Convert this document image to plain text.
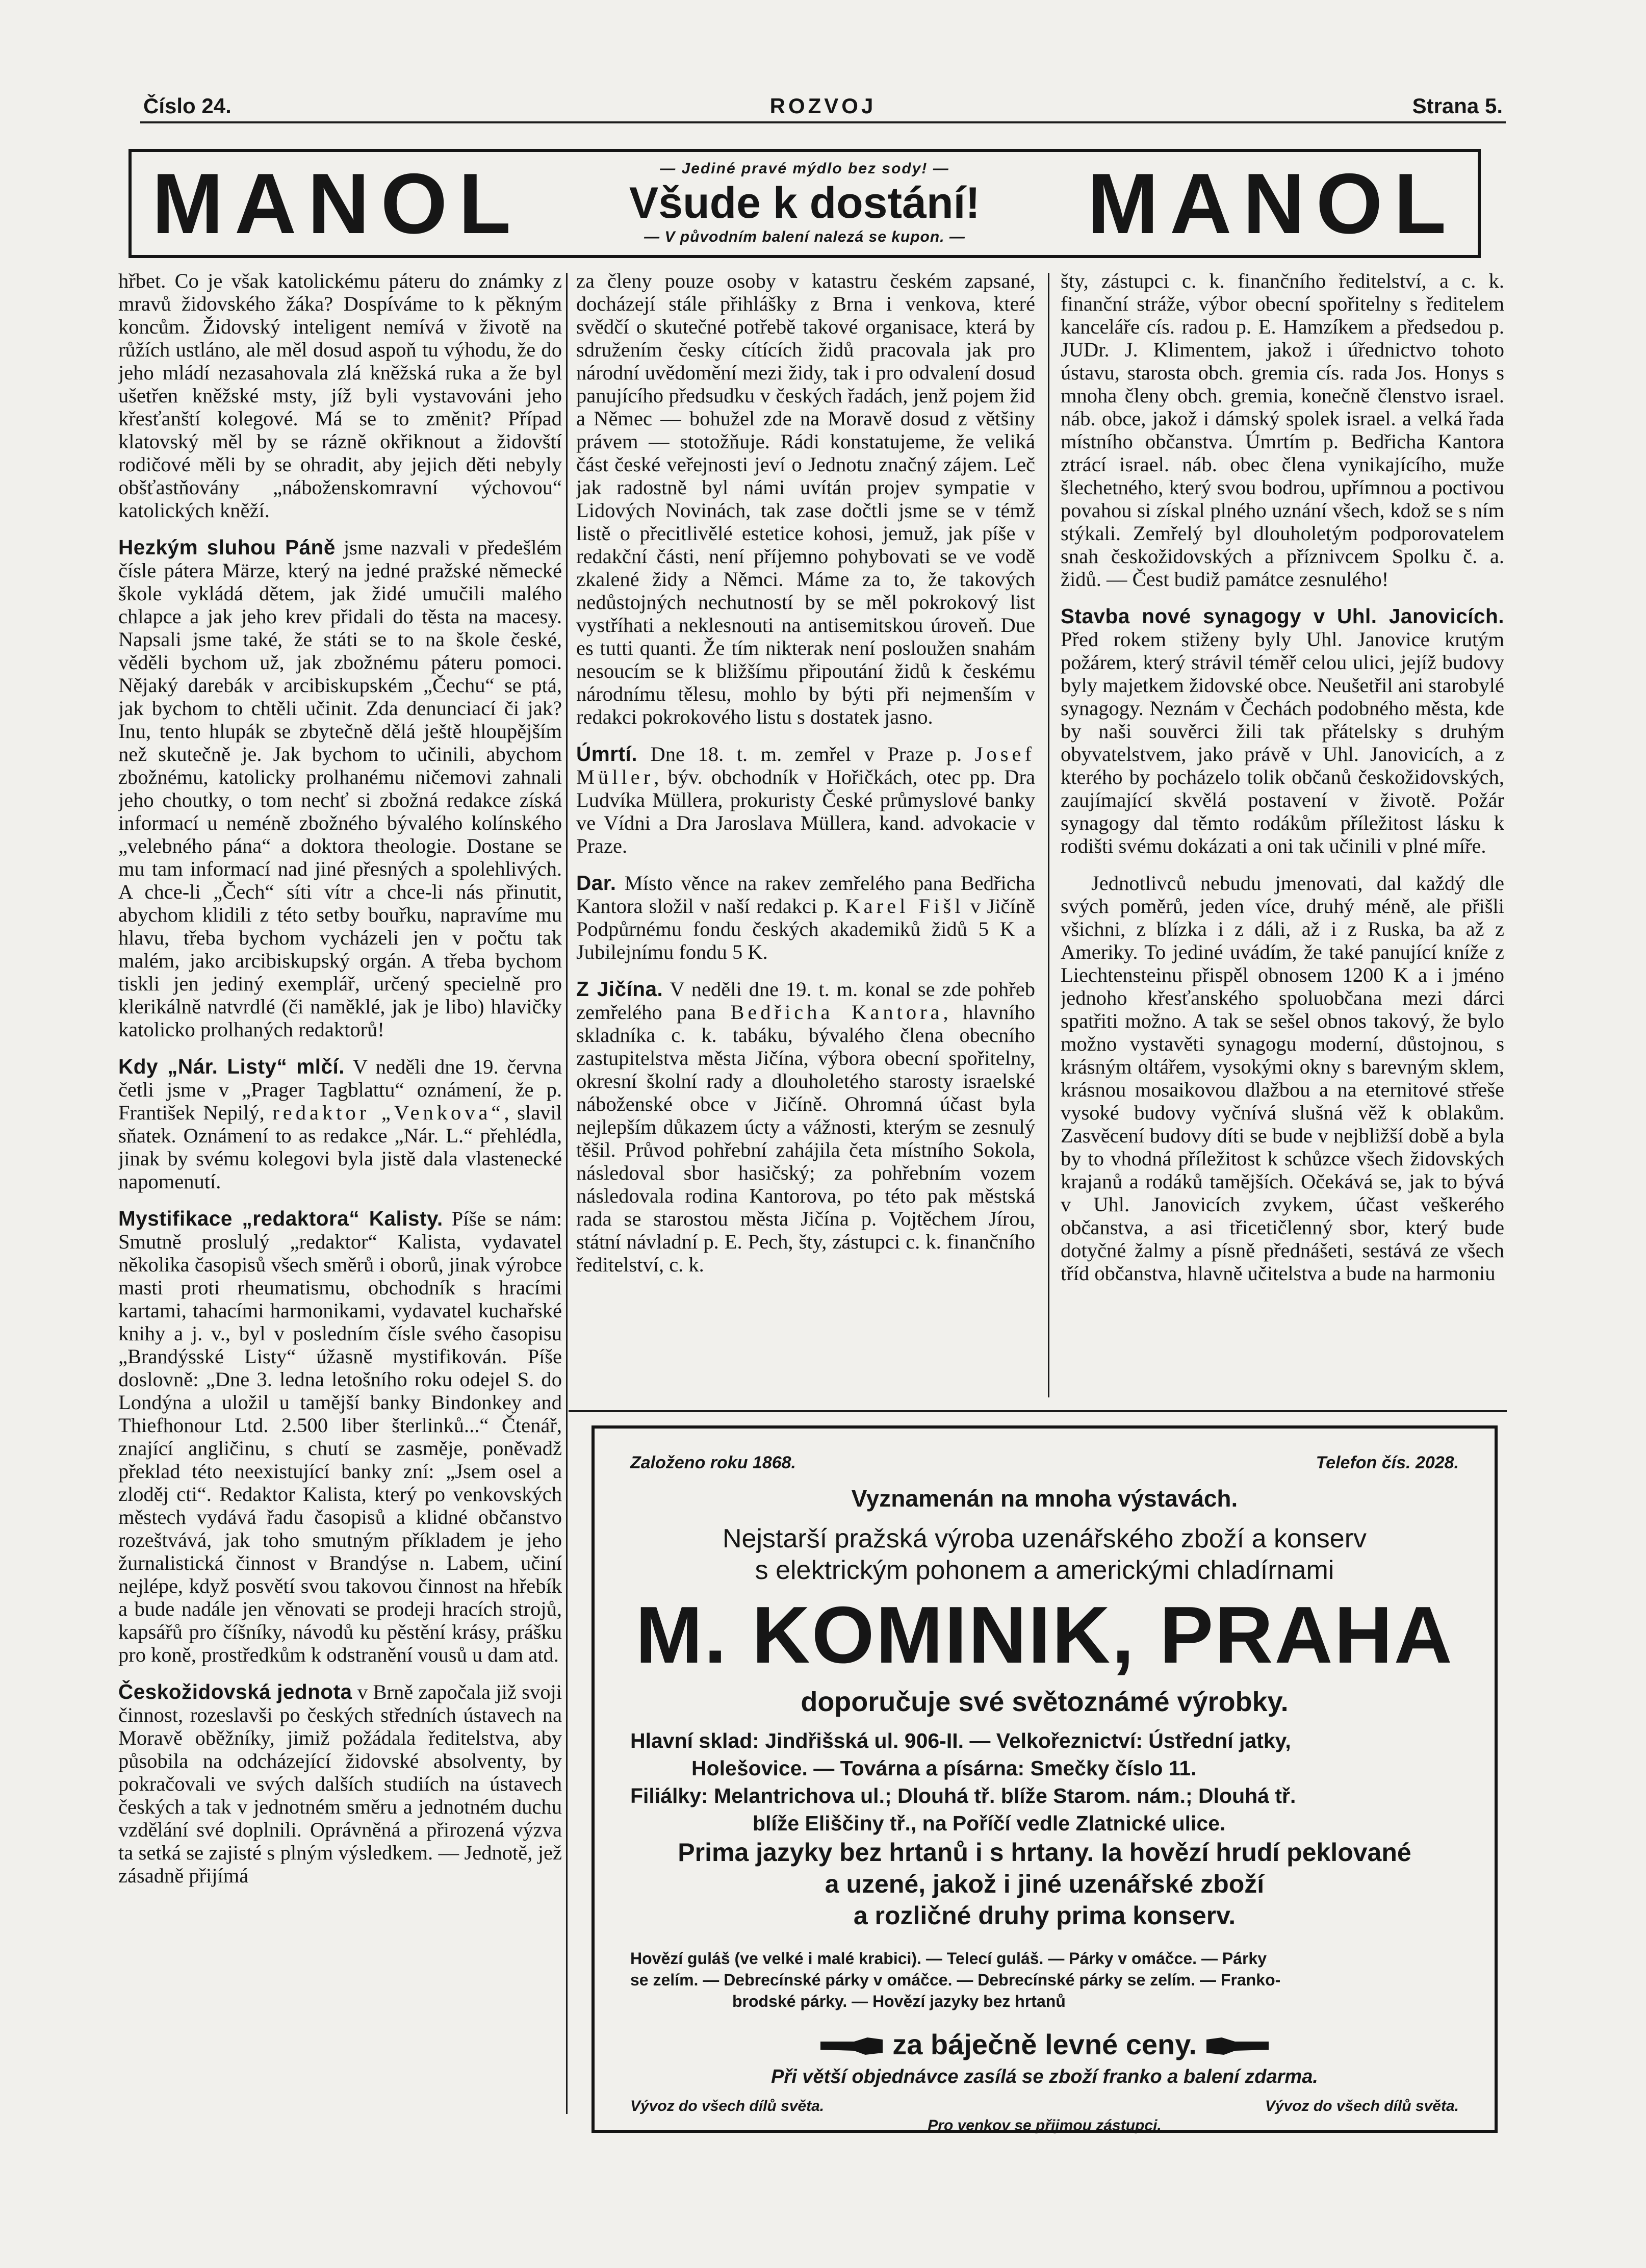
Číslo 24.	ROZVOJ	Strana 5.
MANOL	— Jediné pravé mýdlo bez sody! —
Všude k dostání!
— V původním balení nalezá se kupon. —	MANOL

hřbet. Co je však katolickému páteru do známky z mravů židovského žáka? Dospíváme to k pěkným koncům. Židovský inteligent nemívá v životě na růžích ustláno, ale měl dosud aspoň tu výhodu, že do jeho mládí nezasahovala zlá kněžská ruka a že byl ušetřen kněžské msty, jíž byli vystavováni jeho křesťanští kolegové. Má se to změnit? Případ klatovský měl by se rázně okřiknout a židovští rodičové měli by se ohradit, aby jejich děti nebyly obšťastňovány „náboženskomravní výchovou“ katolických kněží.

Hezkým sluhou Páně jsme nazvali v předešlém čísle pátera Märze, který na jedné pražské německé škole vykládá dětem, jak židé umučili malého chlapce a jak jeho krev přidali do těsta na macesy. Napsali jsme také, že státi se to na škole české, věděli bychom už, jak zbožnému páteru pomoci. Nějaký darebák v arcibiskupském „Čechu“ se ptá, jak bychom to chtěli učinit. Zda denunciací či jak? Inu, tento hlupák se zbytečně dělá ještě hloupějším než skutečně je. Jak bychom to učinili, abychom zbožnému, katolicky prolhanému ničemovi zahnali jeho choutky, o tom nechť si zbožná redakce získá informací u neméně zbožného bývalého kolínského „velebného pána“ a doktora theologie. Dostane se mu tam informací nad jiné přesných a spolehlivých. A chce-li „Čech“ síti vítr a chce-li nás přinutit, abychom klidili z této setby bouřku, napravíme mu hlavu, třeba bychom vycházeli jen v počtu tak malém, jako arcibiskupský orgán. A třeba bychom tiskli jen jediný exemplář, určený specielně pro klerikálně natvrdlé (či naměklé, jak je libo) hlavičky katolicko prolhaných redaktorů!

Kdy „Nár. Listy“ mlčí. V neděli dne 19. června četli jsme v „Prager Tagblattu“ oznámení, že p. František Nepilý, redaktor „Venkova“, slavil sňatek. Oznámení to as redakce „Nár. L.“ přehlédla, jinak by svému kolegovi byla jistě dala vlastenecké napomenutí.

Mystifikace „redaktora“ Kalisty. Píše se nám: Smutně proslulý „redaktor“ Kalista, vydavatel několika časopisů všech směrů i oborů, jinak výrobce masti proti rheumatismu, obchodník s hracími kartami, tahacími harmonikami, vydavatel kuchařské knihy a j. v., byl v posledním čísle svého časopisu „Brandýsské Listy“ úžasně mystifikován. Píše doslovně: „Dne 3. ledna letošního roku odejel S. do Londýna a uložil u tamější banky Bindonkey and Thiefhonour Ltd. 2.500 liber šterlinků...“ Čtenář, znající angličinu, s chutí se zasměje, poněvadž překlad této neexistující banky zní: „Jsem osel a zloděj cti“. Redaktor Kalista, který po venkovských městech vydává řadu časopisů a klidné občanstvo rozeštvává, jak toho smutným příkladem je jeho žurnalistická činnost v Brandýse n. Labem, učiní nejlépe, když posvětí svou takovou činnost na hřebík a bude nadále jen věnovati se prodeji hracích strojů, kapsářů pro číšníky, návodů ku pěstění krásy, prášku pro koně, prostředkům k odstranění vousů u dam atd.

Českožidovská jednota v Brně započala již svoji činnost, rozeslavši po českých středních ústavech na Moravě oběžníky, jimiž požádala ředitelstva, aby působila na odcházející židovské absolventy, by pokračovali ve svých dalších studiích na ústavech českých a tak v jednotném směru a jednotném duchu vzdělání své doplnili. Oprávněná a přirozená výzva ta setká se zajisté s plným výsledkem. — Jednotě, jež zásadně přijímá

za členy pouze osoby v katastru českém zapsané, docházejí stále přihlášky z Brna i venkova, které svědčí o skutečné potřebě takové organisace, která by sdružením česky cítících židů pracovala jak pro národní uvědomění mezi židy, tak i pro odvalení dosud panujícího předsudku v českých řadách, jenž pojem žid a Němec — bohužel zde na Moravě dosud z většiny právem — stotožňuje. Rádi konstatujeme, že veliká část české veřejnosti jeví o Jednotu značný zájem. Leč jak radostně byl námi uvítán projev sympatie v Lidových Novinách, tak zase dočtli jsme se v témž listě o přecitlivělé estetice kohosi, jemuž, jak píše v redakční části, není příjemno pohybovati se ve vodě zkalené židy a Němci. Máme za to, že takových nedůstojných nechutností by se měl pokrokový list vystříhati a neklesnouti na antisemitskou úroveň. Due es tutti quanti. Že tím nikterak není posloužen snahám nesoucím se k bližšímu připoutání židů k českému národnímu tělesu, mohlo by býti při nejmenším v redakci pokrokového listu s dostatek jasno.

Úmrtí. Dne 18. t. m. zemřel v Praze p. Josef Müller, býv. obchodník v Hořičkách, otec pp. Dra Ludvíka Müllera, prokuristy České průmyslové banky ve Vídni a Dra Jaroslava Müllera, kand. advokacie v Praze.

Dar. Místo věnce na rakev zemřelého pana Bedřicha Kantora složil v naší redakci p. Karel Fišl v Jičíně Podpůrnému fondu českých akademiků židů 5 K a Jubilejnímu fondu 5 K.

Z Jičína. V neděli dne 19. t. m. konal se zde pohřeb zemřelého pana Bedřicha Kantora, hlavního skladníka c. k. tabáku, bývalého člena obecního zastupitelstva města Jičína, výbora obecní spořitelny, okresní školní rady a dlouholetého starosty israelské náboženské obce v Jičíně. Ohromná účast byla nejlepším důkazem úcty a vážnosti, kterým se zesnulý těšil. Průvod pohřební zahájila četa místního Sokola, následoval sbor hasičský; za pohřebním vozem následovala rodina Kantorova, po této pak městská rada se starostou města Jičína p. Vojtěchem Jírou, státní návladní p. E. Pech, šty, zástupci c. k. finančního ředitelství, c. k.

šty, zástupci c. k. finančního ředitelství, a c. k. finanční stráže, výbor obecní spořitelny s ředitelem kanceláře cís. radou p. E. Hamzíkem a předsedou p. JUDr. J. Klimentem, jakož i úřednictvo tohoto ústavu, starosta obch. gremia cís. rada Jos. Honys s mnoha členy obch. gremia, konečně členstvo israel. náb. obce, jakož i dámský spolek israel. a velká řada místního občanstva. Úmrtím p. Bedřicha Kantora ztrácí israel. náb. obec člena vynikajícího, muže šlechetného, který svou bodrou, upřímnou a poctivou povahou si získal plného uznání všech, kdož se s ním stýkali. Zemřelý byl dlouholetým podporovatelem snah českožidovských a příznivcem Spolku č. a. židů. — Čest budiž památce zesnulého!

Stavba nové synagogy v Uhl. Janovicích. Před rokem stiženy byly Uhl. Janovice krutým požárem, který strávil téměř celou ulici, jejíž budovy byly majetkem židovské obce. Neušetřil ani starobylé synagogy. Neznám v Čechách podobného města, kde by naši souvěrci žili tak přátelsky s druhým obyvatelstvem, jako právě v Uhl. Janovicích, a z kterého by pocházelo tolik občanů českožidovských, zaujímající skvělá postavení v životě. Požár synagogy dal těmto rodákům příležitost lásku k rodišti svému dokázati a oni tak učinili v plné míře.

Jednotlivců nebudu jmenovati, dal každý dle svých poměrů, jeden více, druhý méně, ale přišli všichni, z blízka i z dáli, až i z Ruska, ba až z Ameriky. To jediné uvádím, že také panující kníže z Liechtensteinu přispěl obnosem 1200 K a i jméno jednoho křesťanského spoluobčana mezi dárci spatřiti možno. A tak se sešel obnos takový, že bylo možno vystavěti synagogu moderní, důstojnou, s krásným oltářem, vysokými okny s barevným sklem, krásnou mosaikovou dlažbou a na eternitové střeše vysoké budovy vyčnívá slušná věž k oblakům. Zasvěcení budovy díti se bude v nejbližší době a byla by to vhodná příležitost k schůzce všech židovských krajanů a rodáků tamějších. Očekává se, jak to bývá v Uhl. Janovicích zvykem, účast veškerého občanstva, a asi třicetičlenný sbor, který bude dotyčné žalmy a písně přednášeti, sestává ze všech tříd občanstva, hlavně učitelstva a bude na harmoniu

Založeno roku 1868.	Telefon čís. 2028.
Vyznamenán na mnoha výstavách.
Nejstarší pražská výroba uzenářského zboží a konserv
s elektrickým pohonem a americkými chladírnami
M. KOMINIK, PRAHA
doporučuje své světoznámé výrobky.
Hlavní sklad: Jindřišská ul. 906-II. — Velkořeznictví: Ústřední jatky,
Holešovice. — Továrna a písárna: Smečky číslo 11.
Filiálky: Melantrichova ul.; Dlouhá tř. blíže Starom. nám.; Dlouhá tř.
blíže Eliščiny tř., na Poříčí vedle Zlatnické ulice.
Prima jazyky bez hrtanů i s hrtany. Ia hovězí hrudí peklované
a uzené, jakož i jiné uzenářské zboží
a rozličné druhy prima konserv.
Hovězí guláš (ve velké i malé krabici). — Telecí guláš. — Párky v omáčce. — Párky
se zelím. — Debrecínské párky v omáčce. — Debrecínské párky se zelím. — Franko-
brodské párky. — Hovězí jazyky bez hrtanů
za báječně levné ceny.
Při větší objednávce zasílá se zboží franko a balení zdarma.
Vývoz do všech dílů světa.	Vývoz do všech dílů světa.
Pro venkov se přijmou zástupci.
